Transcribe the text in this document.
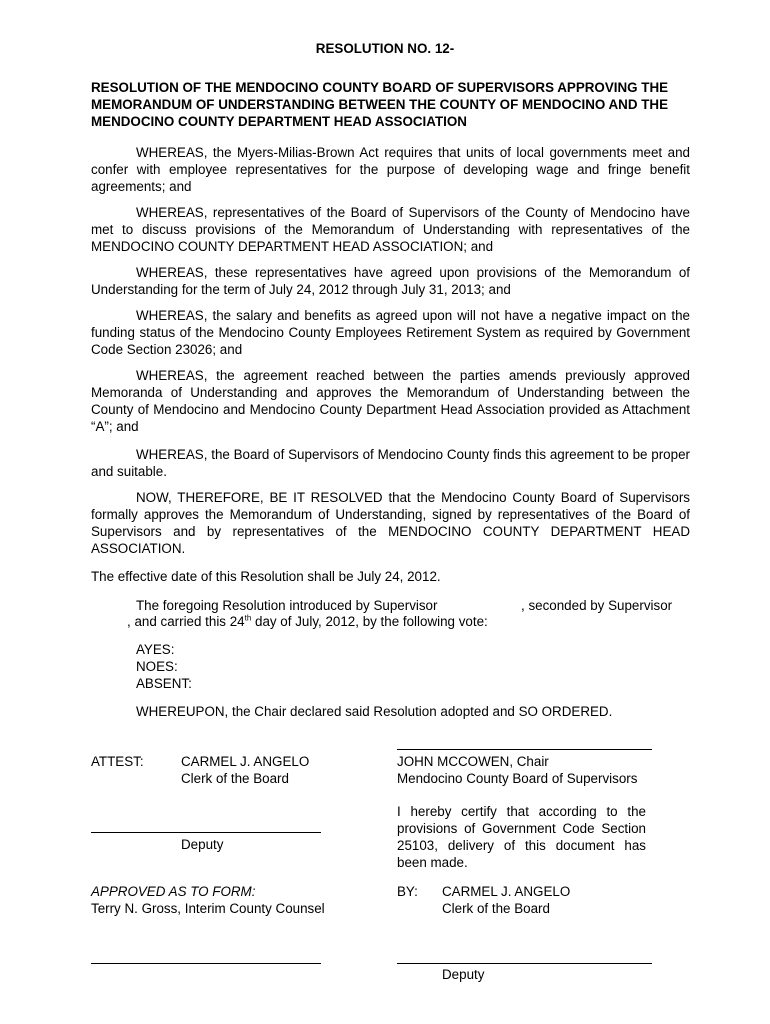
RESOLUTION NO. 12-
RESOLUTION OF THE MENDOCINO COUNTY BOARD OF SUPERVISORS APPROVING THE MEMORANDUM OF UNDERSTANDING BETWEEN THE COUNTY OF MENDOCINO AND THE MENDOCINO COUNTY DEPARTMENT HEAD ASSOCIATION
WHEREAS, the Myers-Milias-Brown Act requires that units of local governments meet and confer with employee representatives for the purpose of developing wage and fringe benefit agreements; and
WHEREAS, representatives of the Board of Supervisors of the County of Mendocino have met to discuss provisions of the Memorandum of Understanding with representatives of the MENDOCINO COUNTY DEPARTMENT HEAD ASSOCIATION; and
WHEREAS, these representatives have agreed upon provisions of the Memorandum of Understanding for the term of July 24, 2012 through July 31, 2013; and
WHEREAS, the salary and benefits as agreed upon will not have a negative impact on the funding status of the Mendocino County Employees Retirement System as required by Government Code Section 23026; and
WHEREAS, the agreement reached between the parties amends previously approved Memoranda of Understanding and approves the Memorandum of Understanding between the County of Mendocino and Mendocino County Department Head Association provided as Attachment “A”; and
WHEREAS, the Board of Supervisors of Mendocino County finds this agreement to be proper and suitable.
NOW, THEREFORE, BE IT RESOLVED that the Mendocino County Board of Supervisors formally approves the Memorandum of Understanding, signed by representatives of the Board of Supervisors and by representatives of the MENDOCINO COUNTY DEPARTMENT HEAD ASSOCIATION.
The effective date of this Resolution shall be July 24, 2012.
The foregoing Resolution introduced by Supervisor	, seconded by Supervisor
, and carried this 24th day of July, 2012, by the following vote:
AYES:
NOES:
ABSENT:
WHEREUPON, the Chair declared said Resolution adopted and SO ORDERED.
ATTEST:	CARMEL J. ANGELO
Clerk of the Board
JOHN MCCOWEN, Chair
Mendocino County Board of Supervisors
I hereby certify that according to the provisions of Government Code Section 25103, delivery of this document has been made.
Deputy
APPROVED AS TO FORM:
Terry N. Gross, Interim County Counsel
BY: CARMEL J. ANGELO
Clerk of the Board
Deputy
